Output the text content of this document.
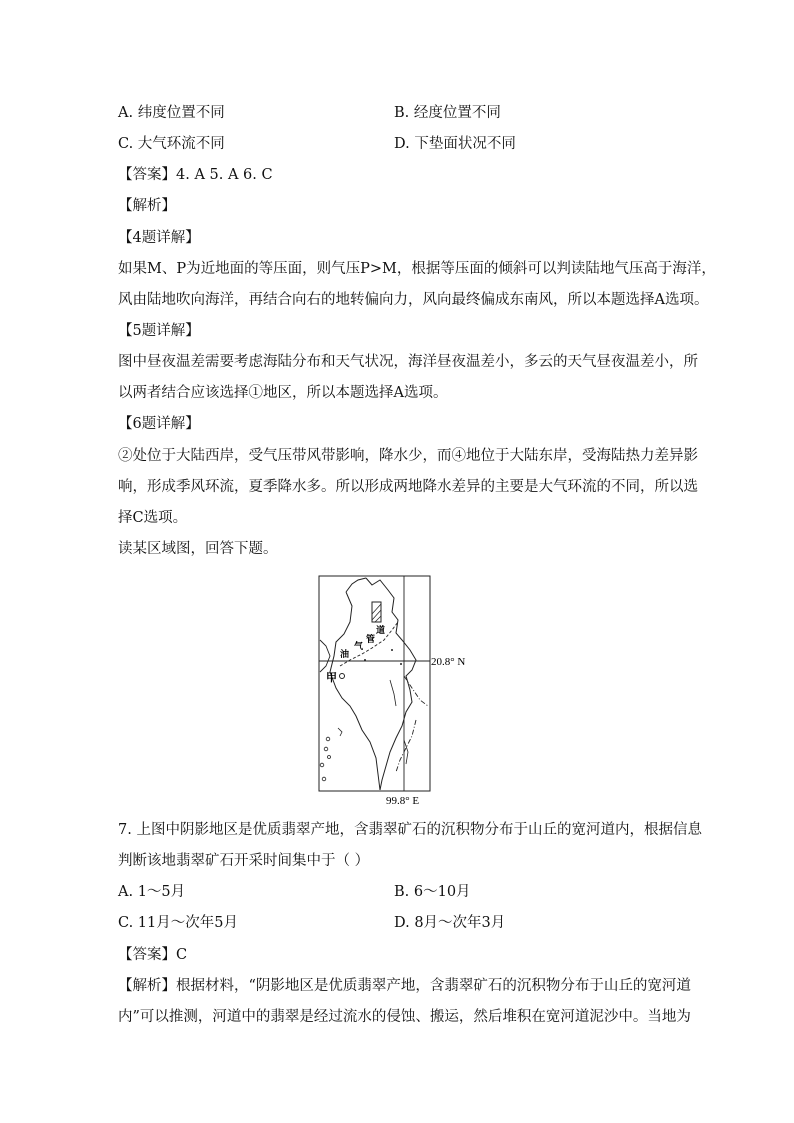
A. 纬度位置不同	B. 经度位置不同
C. 大气环流不同	D. 下垫面状况不同
【答案】4. A 5. A 6. C
【解析】
【4题详解】
如果M、P为近地面的等压面，则气压P>M，根据等压面的倾斜可以判读陆地气压高于海洋，
风由陆地吹向海洋，再结合向右的地转偏向力，风向最终偏成东南风，所以本题选择A选项。
【5题详解】
图中昼夜温差需要考虑海陆分布和天气状况，海洋昼夜温差小，多云的天气昼夜温差小，所
以两者结合应该选择①地区，所以本题选择A选项。
【6题详解】
②处位于大陆西岸，受气压带风带影响，降水少，而④地位于大陆东岸，受海陆热力差异影
响，形成季风环流，夏季降水多。所以形成两地降水差异的主要是大气环流的不同，所以选
择C选项。
读某区域图，回答下题。
道
管
气
油
甲
20.8° N
99.8° E
7. 上图中阴影地区是优质翡翠产地，含翡翠矿石的沉积物分布于山丘的宽河道内，根据信息
判断该地翡翠矿石开采时间集中于（ ）
A. 1～5月	B. 6～10月
C. 11月～次年5月	D. 8月～次年3月
【答案】C
【解析】根据材料，“阴影地区是优质翡翠产地，含翡翠矿石的沉积物分布于山丘的宽河道
内”可以推测，河道中的翡翠是经过流水的侵蚀、搬运，然后堆积在宽河道泥沙中。当地为
